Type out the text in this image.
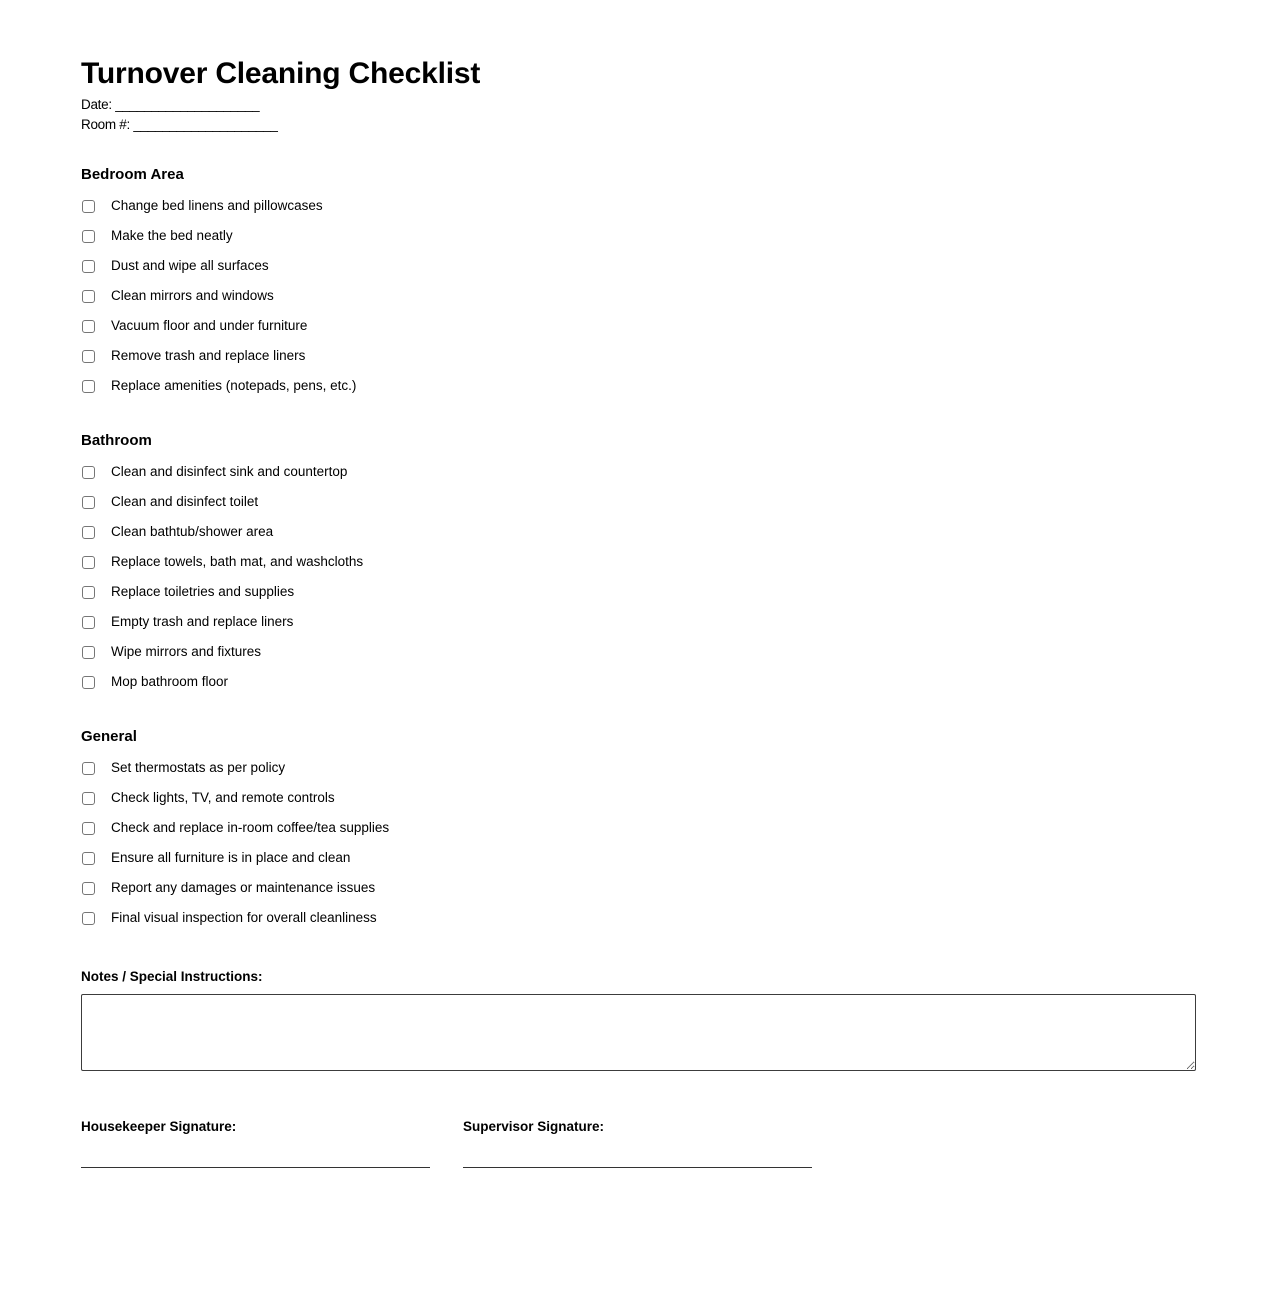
Turnover Cleaning Checklist
Date: ____________________
Room #: ____________________
Bedroom Area
Change bed linens and pillowcases
Make the bed neatly
Dust and wipe all surfaces
Clean mirrors and windows
Vacuum floor and under furniture
Remove trash and replace liners
Replace amenities (notepads, pens, etc.)
Bathroom
Clean and disinfect sink and countertop
Clean and disinfect toilet
Clean bathtub/shower area
Replace towels, bath mat, and washcloths
Replace toiletries and supplies
Empty trash and replace liners
Wipe mirrors and fixtures
Mop bathroom floor
General
Set thermostats as per policy
Check lights, TV, and remote controls
Check and replace in-room coffee/tea supplies
Ensure all furniture is in place and clean
Report any damages or maintenance issues
Final visual inspection for overall cleanliness
Notes / Special Instructions:
Housekeeper Signature:	Supervisor Signature:
